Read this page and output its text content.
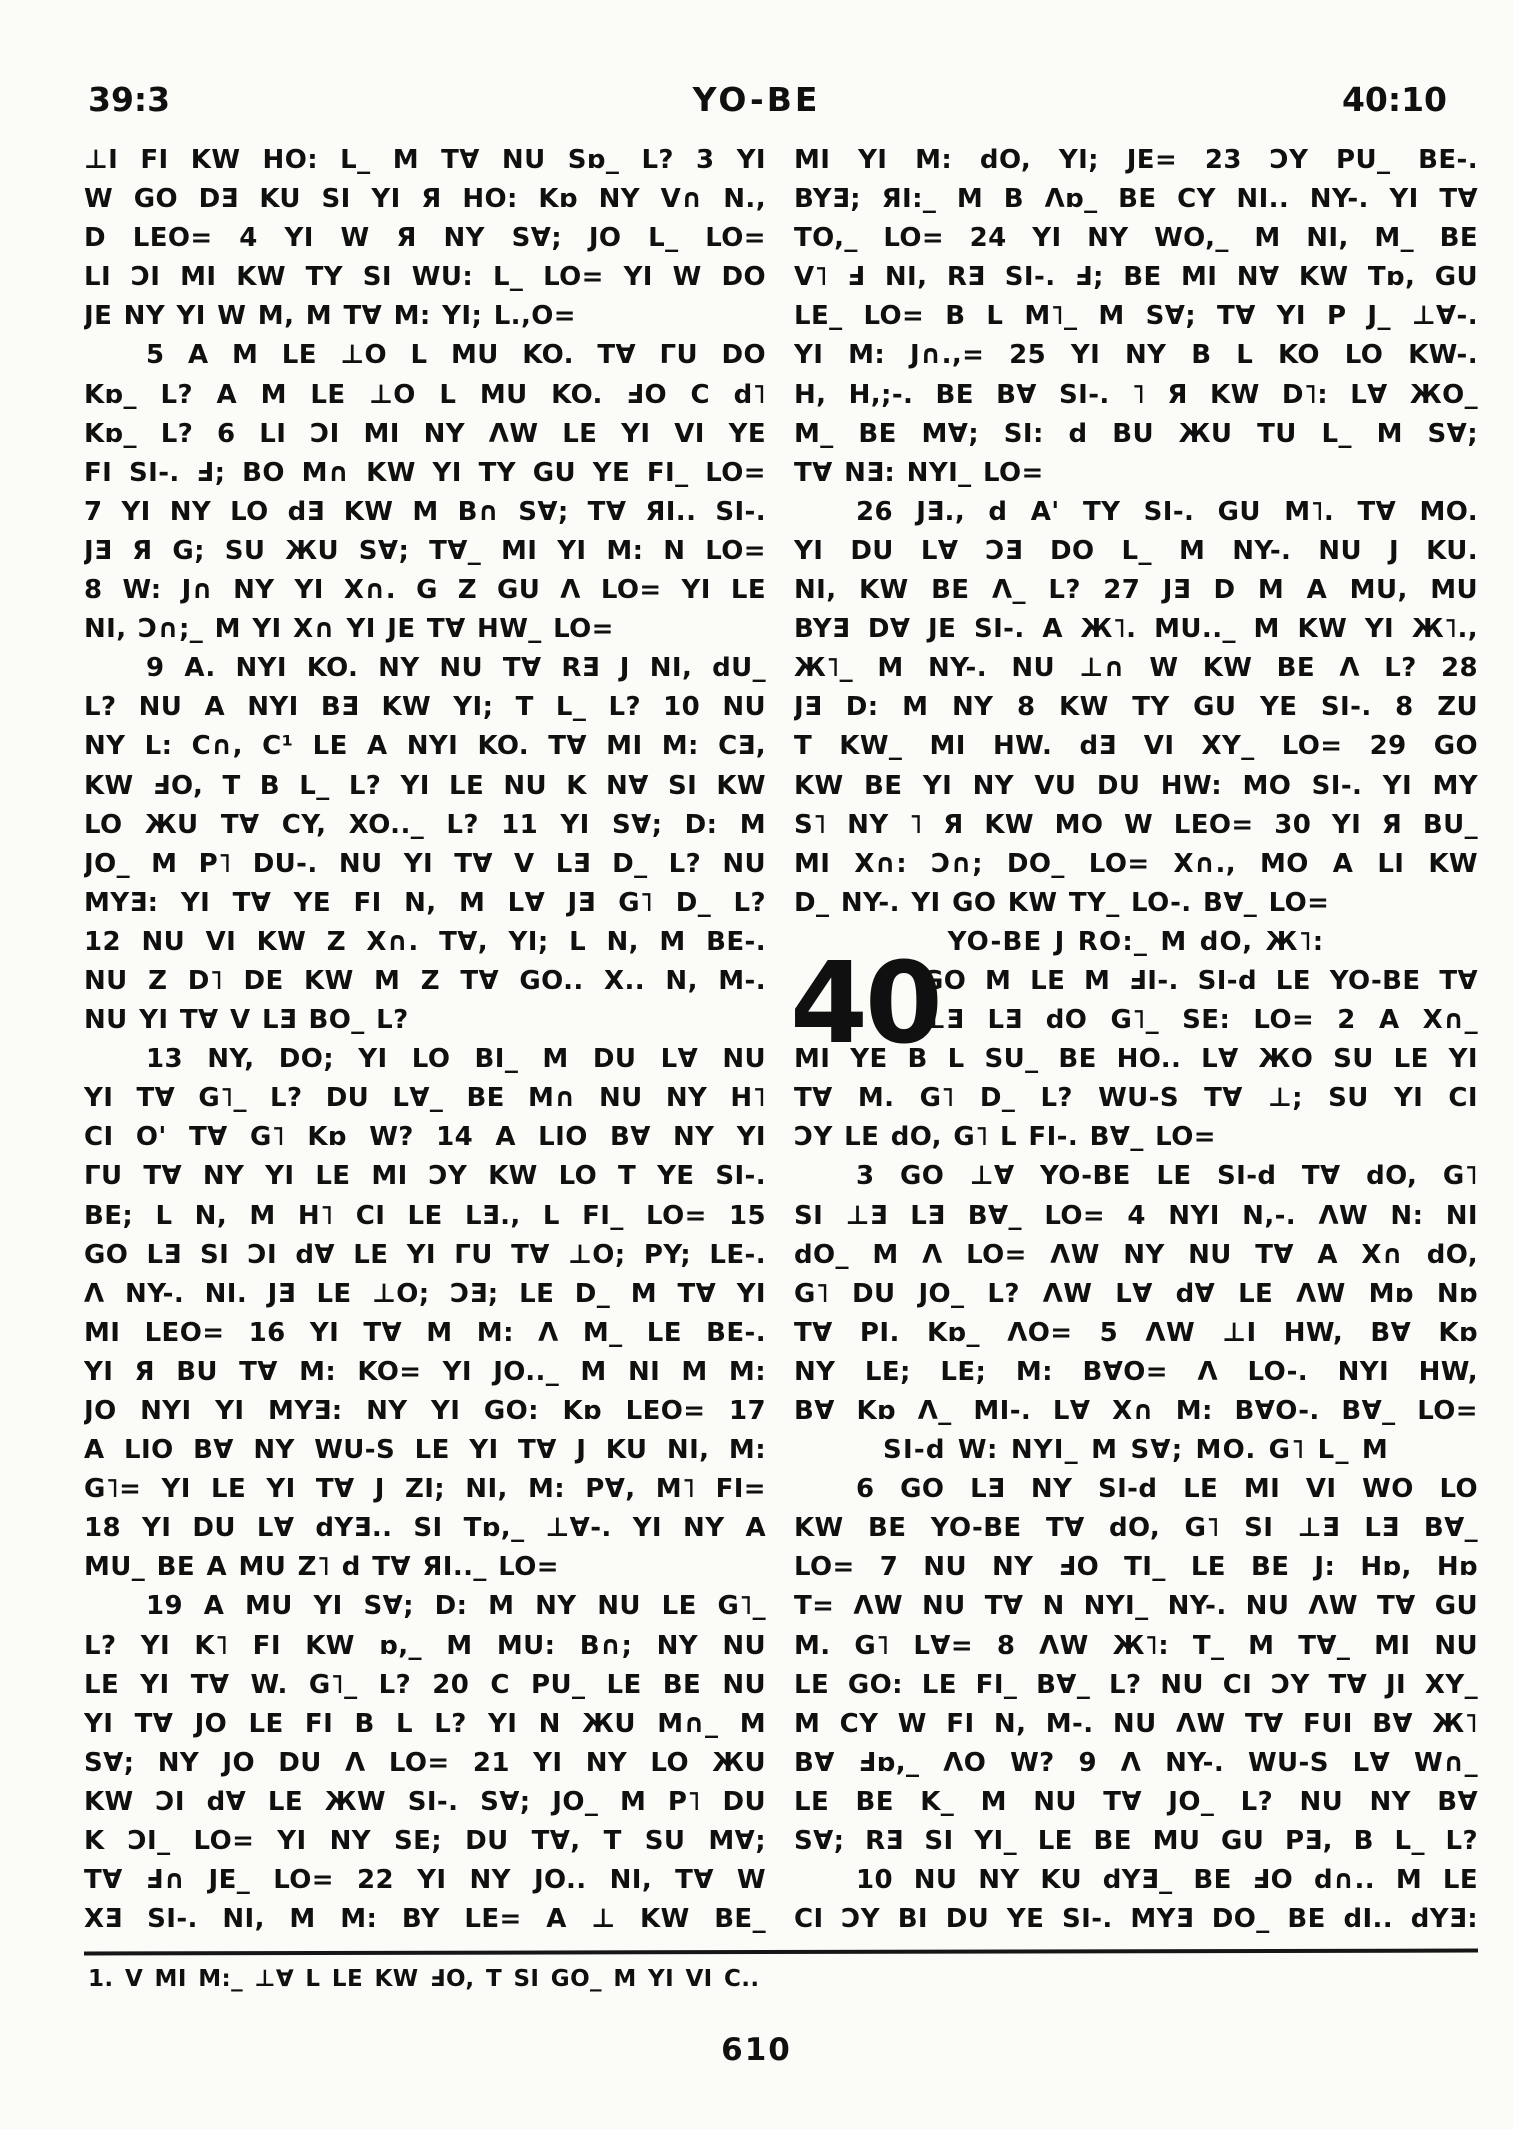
39:3	YO-BE	40:10
⊥I FI KW HO: L_ M T∀ NU Sɒ_ L? 3 YI
W GO DƎ KU SI YI Я HO: Kɒ NY V∩ N.,
D LEO= 4 YI W Я NY S∀; JO L_ LO=
LI ƆI MI KW TY SI WU: L_ LO= YI W DO
JE NY YI W M, M T∀ M: YI; L.,O=
5 A M LE ⊥O L MU KO. T∀ ΓU DO
Kɒ_ L? A M LE ⊥O L MU KO. ℲO C d˥
Kɒ_ L? 6 LI ƆI MI NY ΛW LE YI VI YE
FI SI-. Ⅎ; BO M∩ KW YI TY GU YE FI_ LO=
7 YI NY LO dƎ KW M B∩ S∀; T∀ ЯI.. SI-.
JƎ Я G; SU ЖU S∀; T∀_ MI YI M: N LO=
8 W: J∩ NY YI X∩. G Z GU Λ LO= YI LE
NI, Ɔ∩;_ M YI X∩ YI JE T∀ HW_ LO=
9 A. NYI KO. NY NU T∀ RƎ J NI, dU_
L? NU A NYI BƎ KW YI; T L_ L? 10 NU
NY L: C∩, C¹ LE A NYI KO. T∀ MI M: CƎ,
KW ℲO, T B L_ L? YI LE NU K N∀ SI KW
LO ЖU T∀ CY, XO.._ L? 11 YI S∀; D: M
JO_ M P˥ DU-. NU YI T∀ V LƎ D_ L? NU
MYƎ: YI T∀ YE FI N, M L∀ JƎ G˥ D_ L?
12 NU VI KW Z X∩. T∀, YI; L N, M BE-.
NU Z D˥ DE KW M Z T∀ GO.. X.. N, M-.
NU YI T∀ V LƎ BO_ L?
13 NY, DO; YI LO BI_ M DU L∀ NU
YI T∀ G˥_ L? DU L∀_ BE M∩ NU NY H˥
CI O' T∀ G˥ Kɒ W? 14 A LIO B∀ NY YI
ΓU T∀ NY YI LE MI ƆY KW LO T YE SI-.
BE; L N, M H˥ CI LE LƎ., L FI_ LO= 15
GO LƎ SI ƆI d∀ LE YI ΓU T∀ ⊥O; PY; LE-.
Λ NY-. NI. JƎ LE ⊥O; ƆƎ; LE D_ M T∀ YI
MI LEO= 16 YI T∀ M M: Λ M_ LE BE-.
YI Я BU T∀ M: KO= YI JO.._ M NI M M:
JO NYI YI MYƎ: NY YI GO: Kɒ LEO= 17
A LIO B∀ NY WU-S LE YI T∀ J KU NI, M:
G˥= YI LE YI T∀ J ZI; NI, M: P∀, M˥ FI=
18 YI DU L∀ dYƎ.. SI Tɒ,_ ⊥∀-. YI NY A
MU_ BE A MU Z˥ d T∀ ЯI.._ LO=
19 A MU YI S∀; D: M NY NU LE G˥_
L? YI K˥ FI KW ɒ,_ M MU: B∩; NY NU
LE YI T∀ W. G˥_ L? 20 C PU_ LE BE NU
YI T∀ JO LE FI B L L? YI N ЖU M∩_ M
S∀; NY JO DU Λ LO= 21 YI NY LO ЖU
KW ƆI d∀ LE ЖW SI-. S∀; JO_ M P˥ DU
K ƆI_ LO= YI NY SE; DU T∀, T SU M∀;
T∀ Ⅎ∩ JE_ LO= 22 YI NY JO.. NI, T∀ W
XƎ SI-. NI, M M: BY LE= A ⊥ KW BE_
MI YI M: dO, YI; JE= 23 ƆY PU_ BE-.
BYƎ; ЯI:_ M B Λɒ_ BE CY NI.. NY-. YI T∀
TO,_ LO= 24 YI NY WO,_ M NI, M_ BE
V˥ Ⅎ NI, RƎ SI-. Ⅎ; BE MI N∀ KW Tɒ, GU
LE_ LO= B L M˥_ M S∀; T∀ YI P J_ ⊥∀-.
YI M: J∩.,= 25 YI NY B L KO LO KW-.
H, H,;-. BE B∀ SI-. ˥ Я KW D˥: L∀ ЖO_
M_ BE M∀; SI: d BU ЖU TU L_ M S∀;
T∀ NƎ: NYI_ LO=
26 JƎ., d A' TY SI-. GU M˥. T∀ MO.
YI DU L∀ ƆƎ DO L_ M NY-. NU J KU.
NI, KW BE Λ_ L? 27 JƎ D M A MU, MU
BYƎ D∀ JE SI-. A Ж˥. MU.._ M KW YI Ж˥.,
Ж˥_ M NY-. NU ⊥∩ W KW BE Λ L? 28
JƎ D: M NY 8 KW TY GU YE SI-. 8 ZU
T KW_ MI HW. dƎ VI XY_ LO= 29 GO
KW BE YI NY VU DU HW: MO SI-. YI MY
S˥ NY ˥ Я KW MO W LEO= 30 YI Я BU_
MI X∩: Ɔ∩; DO_ LO= X∩., MO A LI KW
D_ NY-. YI GO KW TY_ LO-. B∀_ LO=
YO-BE J RO:_ M dO, Ж˥:
GO M LE M ℲI-. SI-d LE YO-BE T∀
⊥Ǝ LƎ dO G˥_ SE: LO= 2 A X∩_
MI YE B L SU_ BE HO.. L∀ ЖO SU LE YI
T∀ M. G˥ D_ L? WU-S T∀ ⊥; SU YI CI
ƆY LE dO, G˥ L FI-. B∀_ LO=
3 GO ⊥∀ YO-BE LE SI-d T∀ dO, G˥
SI ⊥Ǝ LƎ B∀_ LO= 4 NYI N,-. ΛW N: NI
dO_ M Λ LO= ΛW NY NU T∀ A X∩ dO,
G˥ DU JO_ L? ΛW L∀ d∀ LE ΛW Mɒ Nɒ
T∀ PI. Kɒ_ ΛO= 5 ΛW ⊥I HW, B∀ Kɒ
NY LE; LE; M: B∀O= Λ LO-. NYI HW,
B∀ Kɒ Λ_ MI-. L∀ X∩ M: B∀O-. B∀_ LO=
SI-d W: NYI_ M S∀; MO. G˥ L_ M
6 GO LƎ NY SI-d LE MI VI WO LO
KW BE YO-BE T∀ dO, G˥ SI ⊥Ǝ LƎ B∀_
LO= 7 NU NY ℲO TI_ LE BE J: Hɒ, Hɒ
T= ΛW NU T∀ N NYI_ NY-. NU ΛW T∀ GU
M. G˥ L∀= 8 ΛW Ж˥: T_ M T∀_ MI NU
LE GO: LE FI_ B∀_ L? NU CI ƆY T∀ JI XY_
M CY W FI N, M-. NU ΛW T∀ FUI B∀ Ж˥
B∀ Ⅎɒ,_ ΛO W? 9 Λ NY-. WU-S L∀ W∩_
LE BE K_ M NU T∀ JO_ L? NU NY B∀
S∀; RƎ SI YI_ LE BE MU GU PƎ, B L_ L?
10 NU NY KU dYƎ_ BE ℲO d∩.. M LE
CI ƆY BI DU YE SI-. MYƎ DO_ BE dI.. dYƎ:
40
1. V MI M:_ ⊥∀ L LE KW ℲO, T SI GO_ M YI VI C..
610
